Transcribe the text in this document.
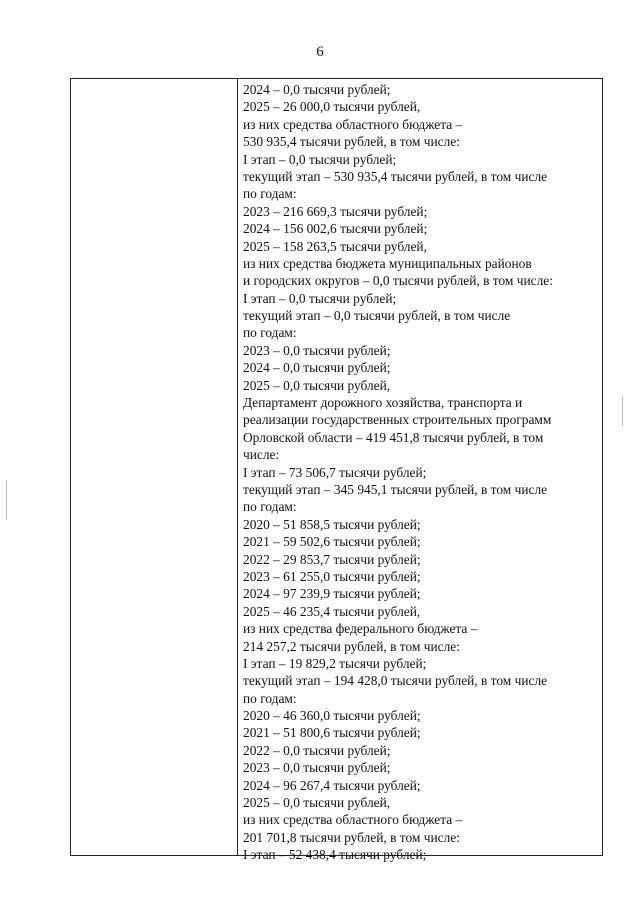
6
2024 – 0,0 тысячи рублей;
2025 – 26 000,0 тысячи рублей,
из них средства областного бюджета –
530 935,4 тысячи рублей, в том числе:
I этап – 0,0 тысячи рублей;
текущий этап – 530 935,4 тысячи рублей, в том числе
по годам:
2023 – 216 669,3 тысячи рублей;
2024 – 156 002,6 тысячи рублей;
2025 – 158 263,5 тысячи рублей,
из них средства бюджета муниципальных районов
и городских округов – 0,0 тысячи рублей, в том числе:
I этап – 0,0 тысячи рублей;
текущий этап – 0,0 тысячи рублей, в том числе
по годам:
2023 – 0,0 тысячи рублей;
2024 – 0,0 тысячи рублей;
2025 – 0,0 тысячи рублей,
Департамент дорожного хозяйства, транспорта и
реализации государственных строительных программ
Орловской области – 419 451,8 тысячи рублей, в том
числе:
I этап – 73 506,7 тысячи рублей;
текущий этап – 345 945,1 тысячи рублей, в том числе
по годам:
2020 – 51 858,5 тысячи рублей;
2021 – 59 502,6 тысячи рублей;
2022 – 29 853,7 тысячи рублей;
2023 – 61 255,0 тысячи рублей;
2024 – 97 239,9 тысячи рублей;
2025 – 46 235,4 тысячи рублей,
из них средства федерального бюджета –
214 257,2 тысячи рублей, в том числе:
I этап – 19 829,2 тысячи рублей;
текущий этап – 194 428,0 тысячи рублей, в том числе
по годам:
2020 – 46 360,0 тысячи рублей;
2021 – 51 800,6 тысячи рублей;
2022 – 0,0 тысячи рублей;
2023 – 0,0 тысячи рублей;
2024 – 96 267,4 тысячи рублей;
2025 – 0,0 тысячи рублей,
из них средства областного бюджета –
201 701,8 тысячи рублей, в том числе:
I этап – 52 438,4 тысячи рублей;
